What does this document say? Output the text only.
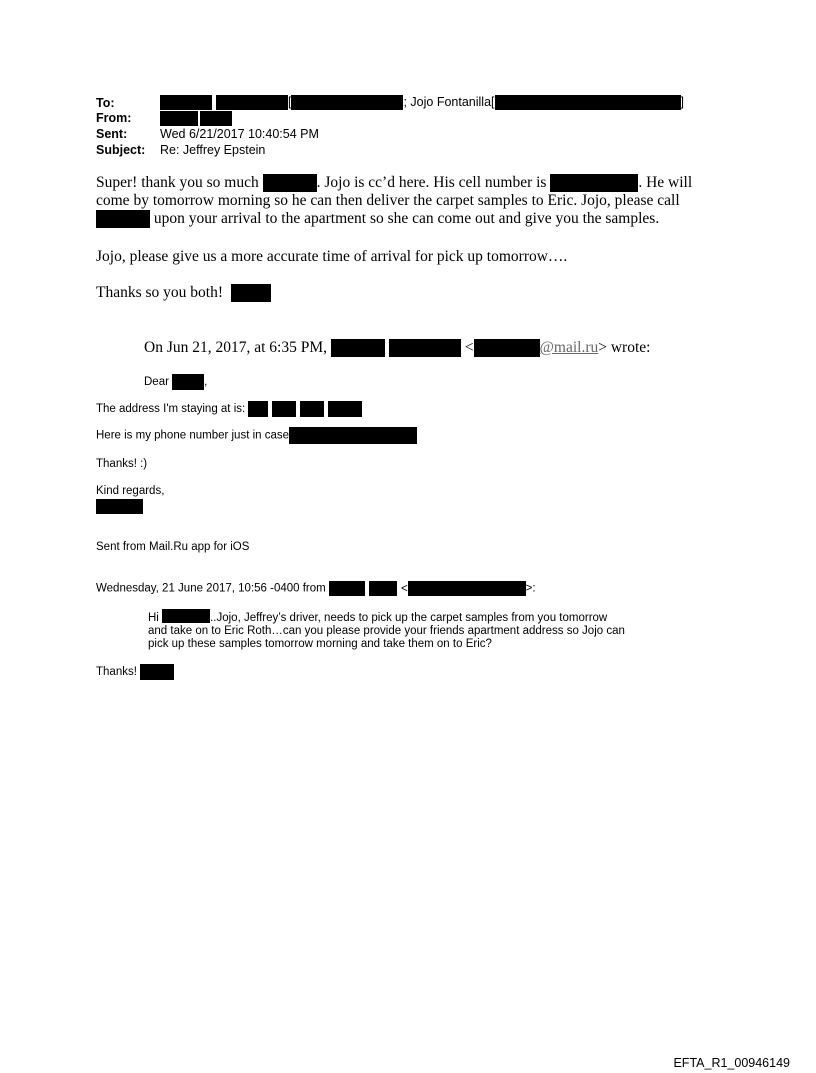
To:	[	; Jojo Fontanilla[	]
From:
Sent:	Wed 6/21/2017 10:40:54 PM
Subject: Re: Jeffrey Epstein
Super! thank you so much	. Jojo is cc’d here. His cell number is	. He will
come by tomorrow morning so he can then deliver the carpet samples to Eric. Jojo, please call
upon your arrival to the apartment so she can come out and give you the samples.
Jojo, please give us a more accurate time of arrival for pick up tomorrow….
Thanks so you both!
On Jun 21, 2017, at 6:35 PM,	<	@mail.ru> wrote:
Dear	,
The address I'm staying at is:
Here is my phone number just in case
Thanks! :)
Kind regards,
Sent from Mail.Ru app for iOS
Wednesday, 21 June 2017, 10:56 -0400 from	<	>:
Hi	..Jojo, Jeffrey’s driver, needs to pick up the carpet samples from you tomorrow
and take on to Eric Roth…can you please provide your friends apartment address so Jojo can
pick up these samples tomorrow morning and take them on to Eric?
Thanks!
EFTA_R1_00946149
